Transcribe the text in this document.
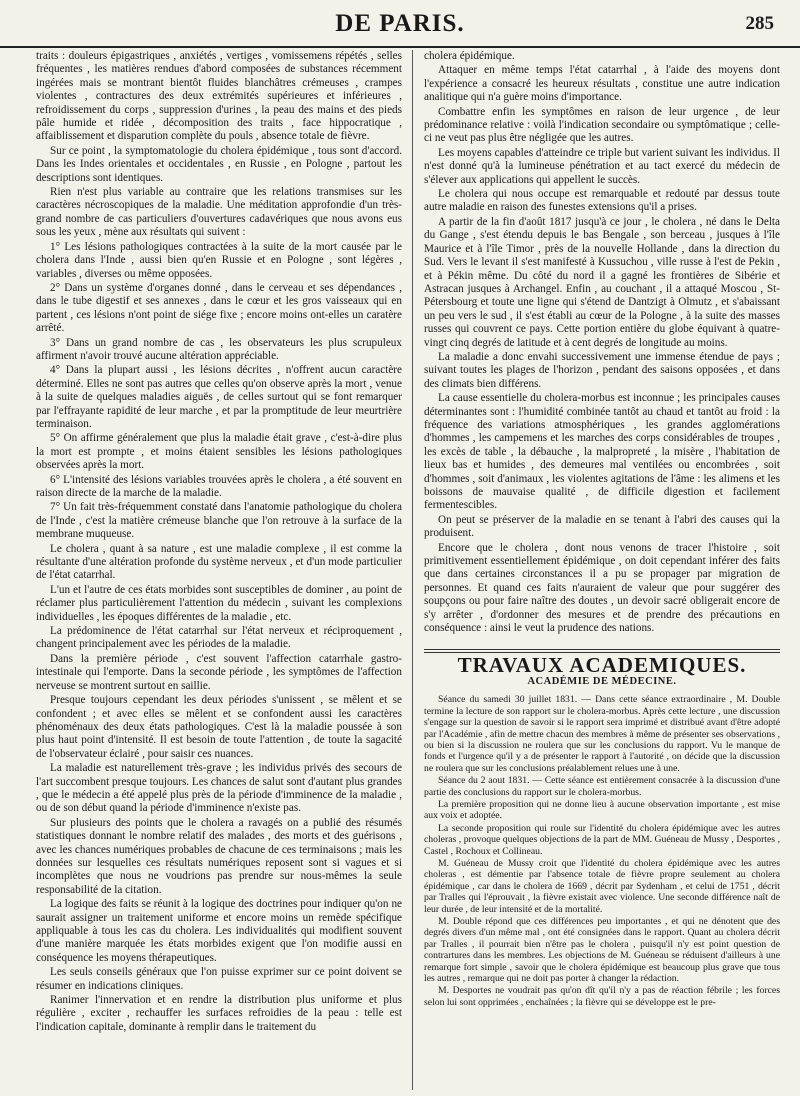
DE PARIS.	285

traits : douleurs épigastriques , anxiétés , vertiges , vomissemens répétés , selles fréquentes , les matières rendues d'abord composées de substances récemment ingérées mais se montrant bientôt fluides blanchâtres crémeuses , crampes violentes , contractures des deux extrémités supérieures et inférieures , refroidissement du corps , suppression d'urines , la peau des mains et des pieds pâle humide et ridée , décomposition des traits , face hippocratique , affaiblissement et disparution complète du pouls , absence totale de fièvre.

Sur ce point , la symptomatologie du cholera épidémique , tous sont d'accord. Dans les Indes orientales et occidentales , en Russie , en Pologne , partout les descriptions sont identiques.

Rien n'est plus variable au contraire que les relations transmises sur les caractères nécroscopiques de la maladie. Une méditation approfondie d'un très-grand nombre de cas particuliers d'ouvertures cadavériques que nous avons eus sous les yeux , mène aux résultats qui suivent :

1° Les lésions pathologiques contractées à la suite de la mort causée par le cholera dans l'Inde , aussi bien qu'en Russie et en Pologne , sont légères , variables , diverses ou même opposées.

2° Dans un système d'organes donné , dans le cerveau et ses dépendances , dans le tube digestif et ses annexes , dans le cœur et les gros vaisseaux qui en partent , ces lésions n'ont point de siége fixe ; encore moins ont-elles un caratère arrêté.

3° Dans un grand nombre de cas , les observateurs les plus scrupuleux affirment n'avoir trouvé aucune altération appréciable.

4° Dans la plupart aussi , les lésions décrites , n'offrent aucun caractère déterminé. Elles ne sont pas autres que celles qu'on observe après la mort , venue à la suite de quelques maladies aiguës , de celles surtout qui se font remarquer par l'effrayante rapidité de leur marche , et par la promptitude de leur meurtrière terminaison.

5° On affirme généralement que plus la maladie était grave , c'est-à-dire plus la mort est prompte , et moins étaient sensibles les lésions pathologiques observées après la mort.

6° L'intensité des lésions variables trouvées après le cholera , a été souvent en raison directe de la marche de la maladie.

7° Un fait très-fréquemment constaté dans l'anatomie pathologique du cholera de l'Inde , c'est la matière crémeuse blanche que l'on retrouve à la surface de la membrane muqueuse.

Le cholera , quant à sa nature , est une maladie complexe , il est comme la résultante d'une altération profonde du système nerveux , et d'un mode particulier de l'état catarrhal.

L'un et l'autre de ces états morbides sont susceptibles de dominer , au point de réclamer plus particulièrement l'attention du médecin , suivant les complexions individuelles , les époques différentes de la maladie , etc.

La prédominence de l'état catarrhal sur l'état nerveux et réciproquement , changent principalement avec les périodes de la maladie.

Dans la première période , c'est souvent l'affection catarrhale gastro-intestinale qui l'emporte. Dans la seconde période , les symptômes de l'affection nerveuse se montrent surtout en saillie.

Presque toujours cependant les deux périodes s'unissent , se mêlent et se confondent ; et avec elles se mêlent et se confondent aussi les caractères phénoménaux des deux états pathologiques. C'est là la maladie poussée à son plus haut point d'intensité. Il est besoin de toute l'attention , de toute la sagacité de l'observateur éclairé , pour saisir ces nuances.

La maladie est naturellement très-grave ; les individus privés des secours de l'art succombent presque toujours. Les chances de salut sont d'autant plus grandes , que le médecin a été appelé plus près de la période d'imminence de la maladie , ou de son début quand la période d'imminence n'existe pas.

Sur plusieurs des points que le cholera a ravagés on a publié des résumés statistiques donnant le nombre relatif des malades , des morts et des guérisons , avec les chances numériques probables de chacune de ces terminaisons ; mais les données sur lesquelles ces résultats numériques reposent sont si vagues et si incomplètes que nous ne voudrions pas prendre sur nous-mêmes la seule responsabilité de la citation.

La logique des faits se réunit à la logique des doctrines pour indiquer qu'on ne saurait assigner un traitement uniforme et encore moins un remède spécifique appliquable à tous les cas du cholera. Les individualités qui modifient souvent d'une manière marquée les états morbides exigent que l'on modifie aussi en conséquence les moyens thérapeutiques.

Les seuls conseils généraux que l'on puisse exprimer sur ce point doivent se résumer en indications cliniques.

Ranimer l'innervation et en rendre la distribution plus uniforme et plus régulière , exciter , rechauffer les surfaces refroidies de la peau : telle est l'indication capitale, dominante à remplir dans le traitement du

cholera épidémique.

Attaquer en même temps l'état catarrhal , à l'aide des moyens dont l'expérience a consacré les heureux résultats , constitue une autre indication analitique qui n'a guère moins d'importance.

Combattre enfin les symptômes en raison de leur urgence , de leur prédominance relative : voilà l'indication secondaire ou symptômatique ; celle-ci ne veut pas plus être négligée que les autres.

Les moyens capables d'atteindre ce triple but varient suivant les individus. Il n'est donné qu'à la lumineuse pénétration et au tact exercé du médecin de s'élever aux applications qui appellent le succès.

Le cholera qui nous occupe est remarquable et redouté par dessus toute autre maladie en raison des funestes extensions qu'il a prises.

A partir de la fin d'août 1817 jusqu'à ce jour , le cholera , né dans le Delta du Gange , s'est étendu depuis le bas Bengale , son berceau , jusques à l'île Maurice et à l'île Timor , près de la nouvelle Hollande , dans la direction du Sud. Vers le levant il s'est manifesté à Kussuchou , ville russe à l'est de Pekin , et à Pékin même. Du côté du nord il a gagné les frontières de Sibérie et Astracan jusques à Archangel. Enfin , au couchant , il a attaqué Moscou , St-Pétersbourg et toute une ligne qui s'étend de Dantzigt à Olmutz , et s'abaissant un peu vers le sud , il s'est établi au cœur de la Pologne , à la suite des masses russes qui couvrent ce pays. Cette portion entière du globe équivant à quatre-vingt cinq degrés de latitude et à cent degrés de longitude au moins.

La maladie a donc envahi successivement une immense étendue de pays ; suivant toutes les plages de l'horizon , pendant des saisons opposées , et dans des climats bien différens.

La cause essentielle du cholera-morbus est inconnue ; les principales causes déterminantes sont : l'humidité combinée tantôt au chaud et tantôt au froid : la fréquence des variations atmosphériques , les grandes agglomérations d'hommes , les campemens et les marches des corps considérables de troupes , les excès de table , la débauche , la malpropreté , la misère , l'habitation de lieux bas et humides , des demeures mal ventilées ou encombrées , soit d'hommes , soit d'animaux , les violentes agitations de l'âme : les alimens et les boissons de mauvaise qualité , de difficile digestion et facilement fermentescibles.

On peut se préserver de la maladie en se tenant à l'abri des causes qui la produisent.

Encore que le cholera , dont nous venons de tracer l'histoire , soit primitivement essentiellement épidémique , on doit cependant inférer des faits que dans certaines circonstances il a pu se propager par migration de personnes. Et quand ces faits n'auraient de valeur que pour suggérer des soupçons ou pour faire naître des doutes , un devoir sacré obligerait encore de s'y arrêter , d'ordonner des mesures et de prendre des précautions en conséquence : ainsi le veut la prudence des nations.

TRAVAUX ACADEMIQUES.
ACADÉMIE DE MÉDECINE.

Séance du samedi 30 juillet 1831. — Dans cette séance extraordinaire , M. Double termine la lecture de son rapport sur le cholera-morbus. Après cette lecture , une discussion s'engage sur la question de savoir si le rapport sera imprimé et distribué avant d'être adopté par l'Académie , afin de mettre chacun des membres à même de présenter ses observations , ou bien si la discussion ne roulera que sur les conclusions du rapport. Vu le manque de fonds et l'urgence qu'il y a de présenter le rapport à l'autorité , on décide que la discussion ne roulera que sur les conclusions préalablement relues une à une.

Séance du 2 aout 1831. — Cette séance est entièrement consacrée à la discussion d'une partie des conclusions du rapport sur le cholera-morbus.

La première proposition qui ne donne lieu à aucune observation importante , est mise aux voix et adoptée.

La seconde proposition qui roule sur l'identité du cholera épidémique avec les autres choleras , provoque quelques objections de la part de MM. Guéneau de Mussy , Desportes , Castel , Rochoux et Collineau.

M. Guéneau de Mussy croit que l'identité du cholera épidémique avec les autres choleras , est démentie par l'absence totale de fièvre propre seulement au cholera épidémique , car dans le cholera de 1669 , décrit par Sydenham , et celui de 1751 , décrit par Tralles qui l'éprouvait , la fièvre existait avec violence. Une seconde différence naît de leur durée , de leur intensité et de la mortalité.

M. Double répond que ces différences peu importantes , et qui ne dénotent que des degrés divers d'un même mal , ont été consignées dans le rapport. Quant au cholera décrit par Tralles , il pourrait bien n'être pas le cholera , puisqu'il n'y est point question de contrartures dans les membres. Les objections de M. Guéneau se réduisent d'ailleurs à une remarque fort simple , savoir que le cholera épidémique est beaucoup plus grave que tous les autres , remarque qui ne doit pas porter à changer la rédaction.

M. Desportes ne voudrait pas qu'on dît qu'il n'y a pas de réaction fébrile ; les forces selon lui sont opprimées , enchaînées ; la fièvre qui se développe est le pre-
